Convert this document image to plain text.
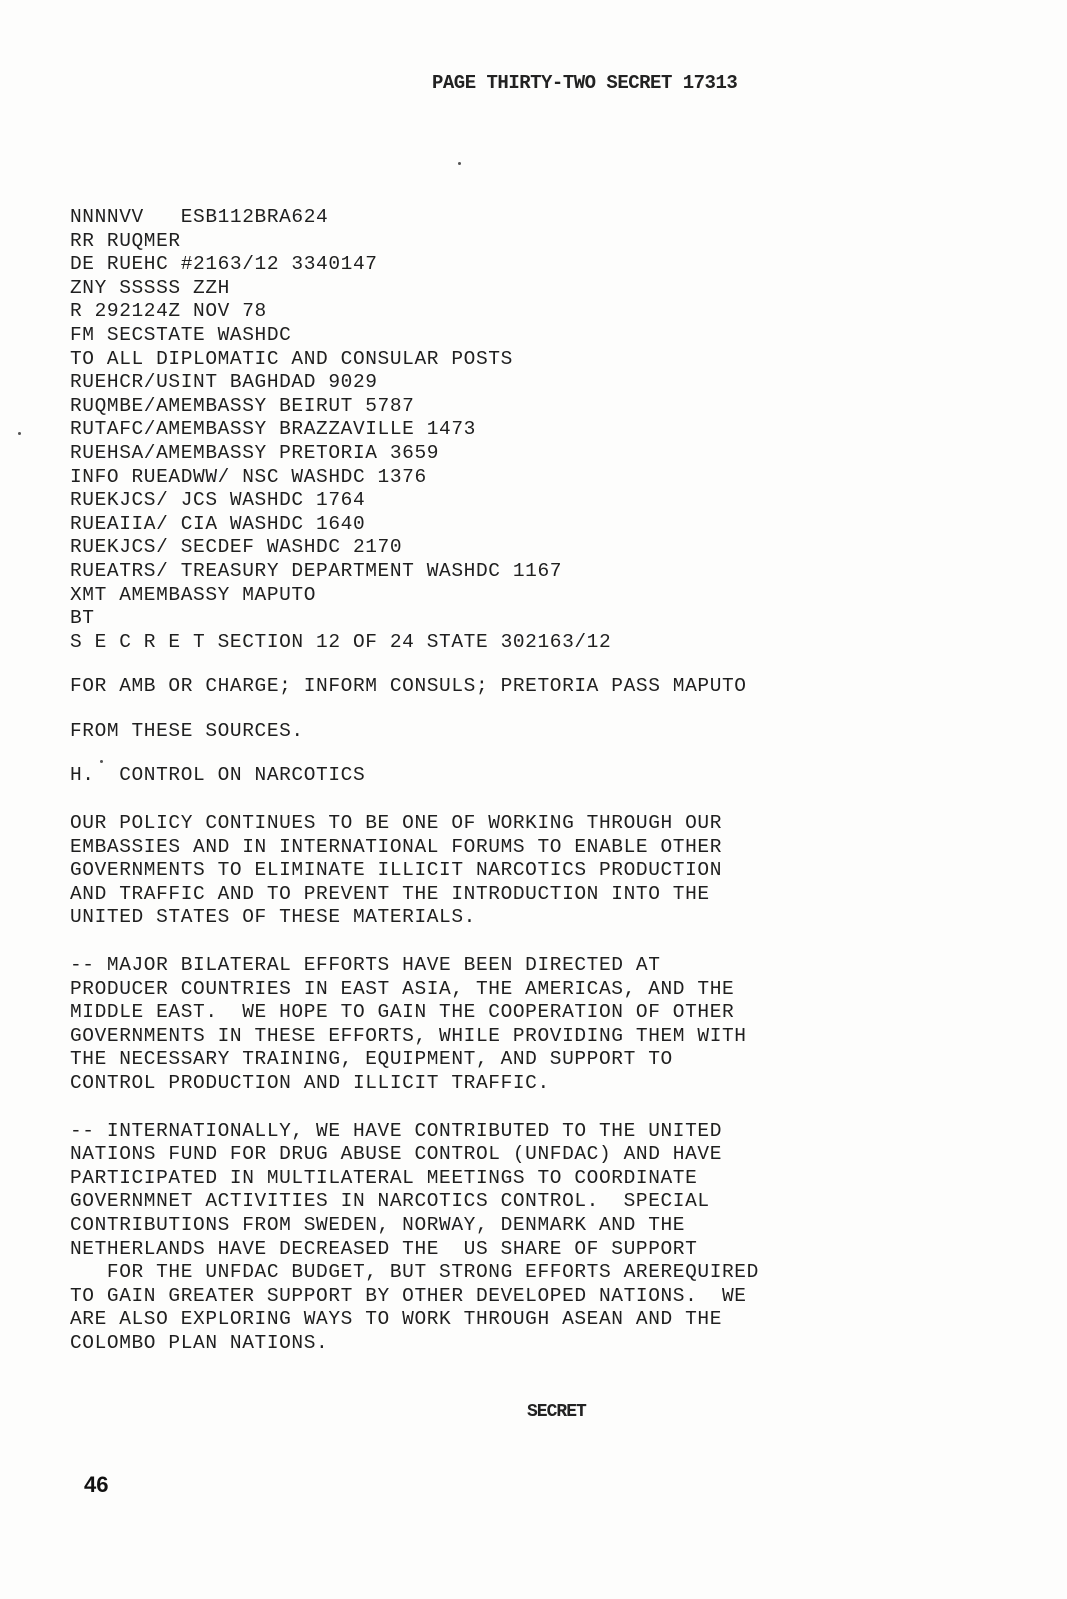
PAGE THIRTY-TWO SECRET 17313
NNNNVV   ESB112BRA624
RR RUQMER
DE RUEHC #2163/12 3340147
ZNY SSSSS ZZH
R 292124Z NOV 78
FM SECSTATE WASHDC
TO ALL DIPLOMATIC AND CONSULAR POSTS
RUEHCR/USINT BAGHDAD 9029
RUQMBE/AMEMBASSY BEIRUT 5787
RUTAFC/AMEMBASSY BRAZZAVILLE 1473
RUEHSA/AMEMBASSY PRETORIA 3659
INFO RUEADWW/ NSC WASHDC 1376
RUEKJCS/ JCS WASHDC 1764
RUEAIIA/ CIA WASHDC 1640
RUEKJCS/ SECDEF WASHDC 2170
RUEATRS/ TREASURY DEPARTMENT WASHDC 1167
XMT AMEMBASSY MAPUTO
BT
S E C R E T SECTION 12 OF 24 STATE 302163/12
FOR AMB OR CHARGE; INFORM CONSULS; PRETORIA PASS MAPUTO
FROM THESE SOURCES.
H.  CONTROL ON NARCOTICS
OUR POLICY CONTINUES TO BE ONE OF WORKING THROUGH OUR
EMBASSIES AND IN INTERNATIONAL FORUMS TO ENABLE OTHER
GOVERNMENTS TO ELIMINATE ILLICIT NARCOTICS PRODUCTION
AND TRAFFIC AND TO PREVENT THE INTRODUCTION INTO THE
UNITED STATES OF THESE MATERIALS.
-- MAJOR BILATERAL EFFORTS HAVE BEEN DIRECTED AT
PRODUCER COUNTRIES IN EAST ASIA, THE AMERICAS, AND THE
MIDDLE EAST.  WE HOPE TO GAIN THE COOPERATION OF OTHER
GOVERNMENTS IN THESE EFFORTS, WHILE PROVIDING THEM WITH
THE NECESSARY TRAINING, EQUIPMENT, AND SUPPORT TO
CONTROL PRODUCTION AND ILLICIT TRAFFIC.
-- INTERNATIONALLY, WE HAVE CONTRIBUTED TO THE UNITED
NATIONS FUND FOR DRUG ABUSE CONTROL (UNFDAC) AND HAVE
PARTICIPATED IN MULTILATERAL MEETINGS TO COORDINATE
GOVERNMNET ACTIVITIES IN NARCOTICS CONTROL.  SPECIAL
CONTRIBUTIONS FROM SWEDEN, NORWAY, DENMARK AND THE
NETHERLANDS HAVE DECREASED THE  US SHARE OF SUPPORT
FOR THE UNFDAC BUDGET, BUT STRONG EFFORTS AREREQUIRED
TO GAIN GREATER SUPPORT BY OTHER DEVELOPED NATIONS.  WE
ARE ALSO EXPLORING WAYS TO WORK THROUGH ASEAN AND THE
COLOMBO PLAN NATIONS.
SECRET
46
